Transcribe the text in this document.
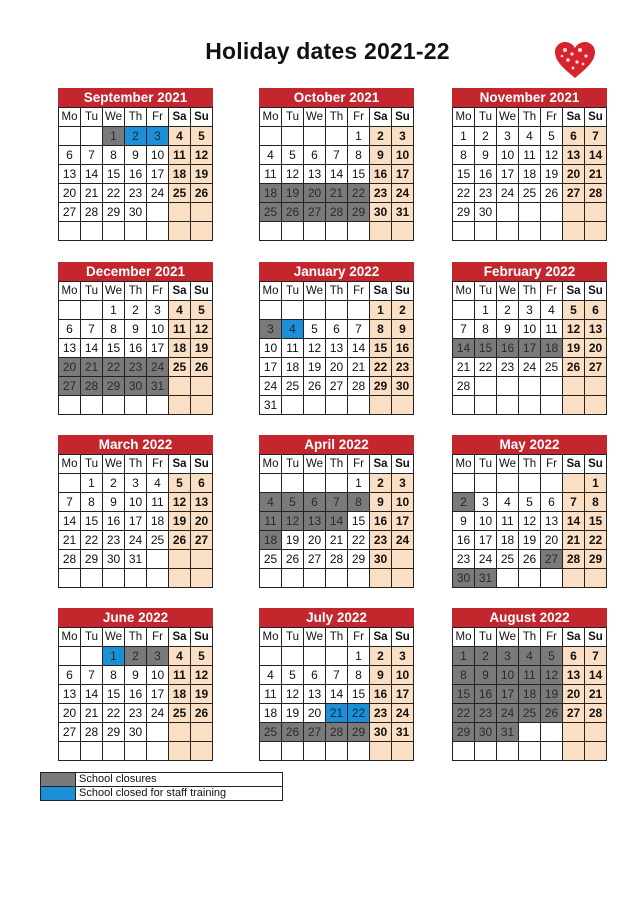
Holiday dates 2021-22
September 2021
Mo	Tu	We	Th	Fr	Sa	Su
		1	2	3	4	5
6	7	8	9	10	11	12
13	14	15	16	17	18	19
20	21	22	23	24	25	26
27	28	29	30			

October 2021
Mo	Tu	We	Th	Fr	Sa	Su
				1	2	3
4	5	6	7	8	9	10
11	12	13	14	15	16	17
18	19	20	21	22	23	24
25	26	27	28	29	30	31

November 2021
Mo	Tu	We	Th	Fr	Sa	Su
1	2	3	4	5	6	7
8	9	10	11	12	13	14
15	16	17	18	19	20	21
22	23	24	25	26	27	28
29	30					

December 2021
Mo	Tu	We	Th	Fr	Sa	Su
		1	2	3	4	5
6	7	8	9	10	11	12
13	14	15	16	17	18	19
20	21	22	23	24	25	26
27	28	29	30	31		

January 2022
Mo	Tu	We	Th	Fr	Sa	Su
					1	2
3	4	5	6	7	8	9
10	11	12	13	14	15	16
17	18	19	20	21	22	23
24	25	26	27	28	29	30
31						
February 2022
Mo	Tu	We	Th	Fr	Sa	Su
	1	2	3	4	5	6
7	8	9	10	11	12	13
14	15	16	17	18	19	20
21	22	23	24	25	26	27
28						

March 2022
Mo	Tu	We	Th	Fr	Sa	Su
	1	2	3	4	5	6
7	8	9	10	11	12	13
14	15	16	17	18	19	20
21	22	23	24	25	26	27
28	29	30	31			

April 2022
Mo	Tu	We	Th	Fr	Sa	Su
				1	2	3
4	5	6	7	8	9	10
11	12	13	14	15	16	17
18	19	20	21	22	23	24
25	26	27	28	29	30	

May 2022
Mo	Tu	We	Th	Fr	Sa	Su
						1
2	3	4	5	6	7	8
9	10	11	12	13	14	15
16	17	18	19	20	21	22
23	24	25	26	27	28	29
30	31					
June 2022
Mo	Tu	We	Th	Fr	Sa	Su
		1	2	3	4	5
6	7	8	9	10	11	12
13	14	15	16	17	18	19
20	21	22	23	24	25	26
27	28	29	30			

July 2022
Mo	Tu	We	Th	Fr	Sa	Su
				1	2	3
4	5	6	7	8	9	10
11	12	13	14	15	16	17
18	19	20	21	22	23	24
25	26	27	28	29	30	31

August 2022
Mo	Tu	We	Th	Fr	Sa	Su
1	2	3	4	5	6	7
8	9	10	11	12	13	14
15	16	17	18	19	20	21
22	23	24	25	26	27	28
29	30	31				

	School closures
	School closed for staff training
